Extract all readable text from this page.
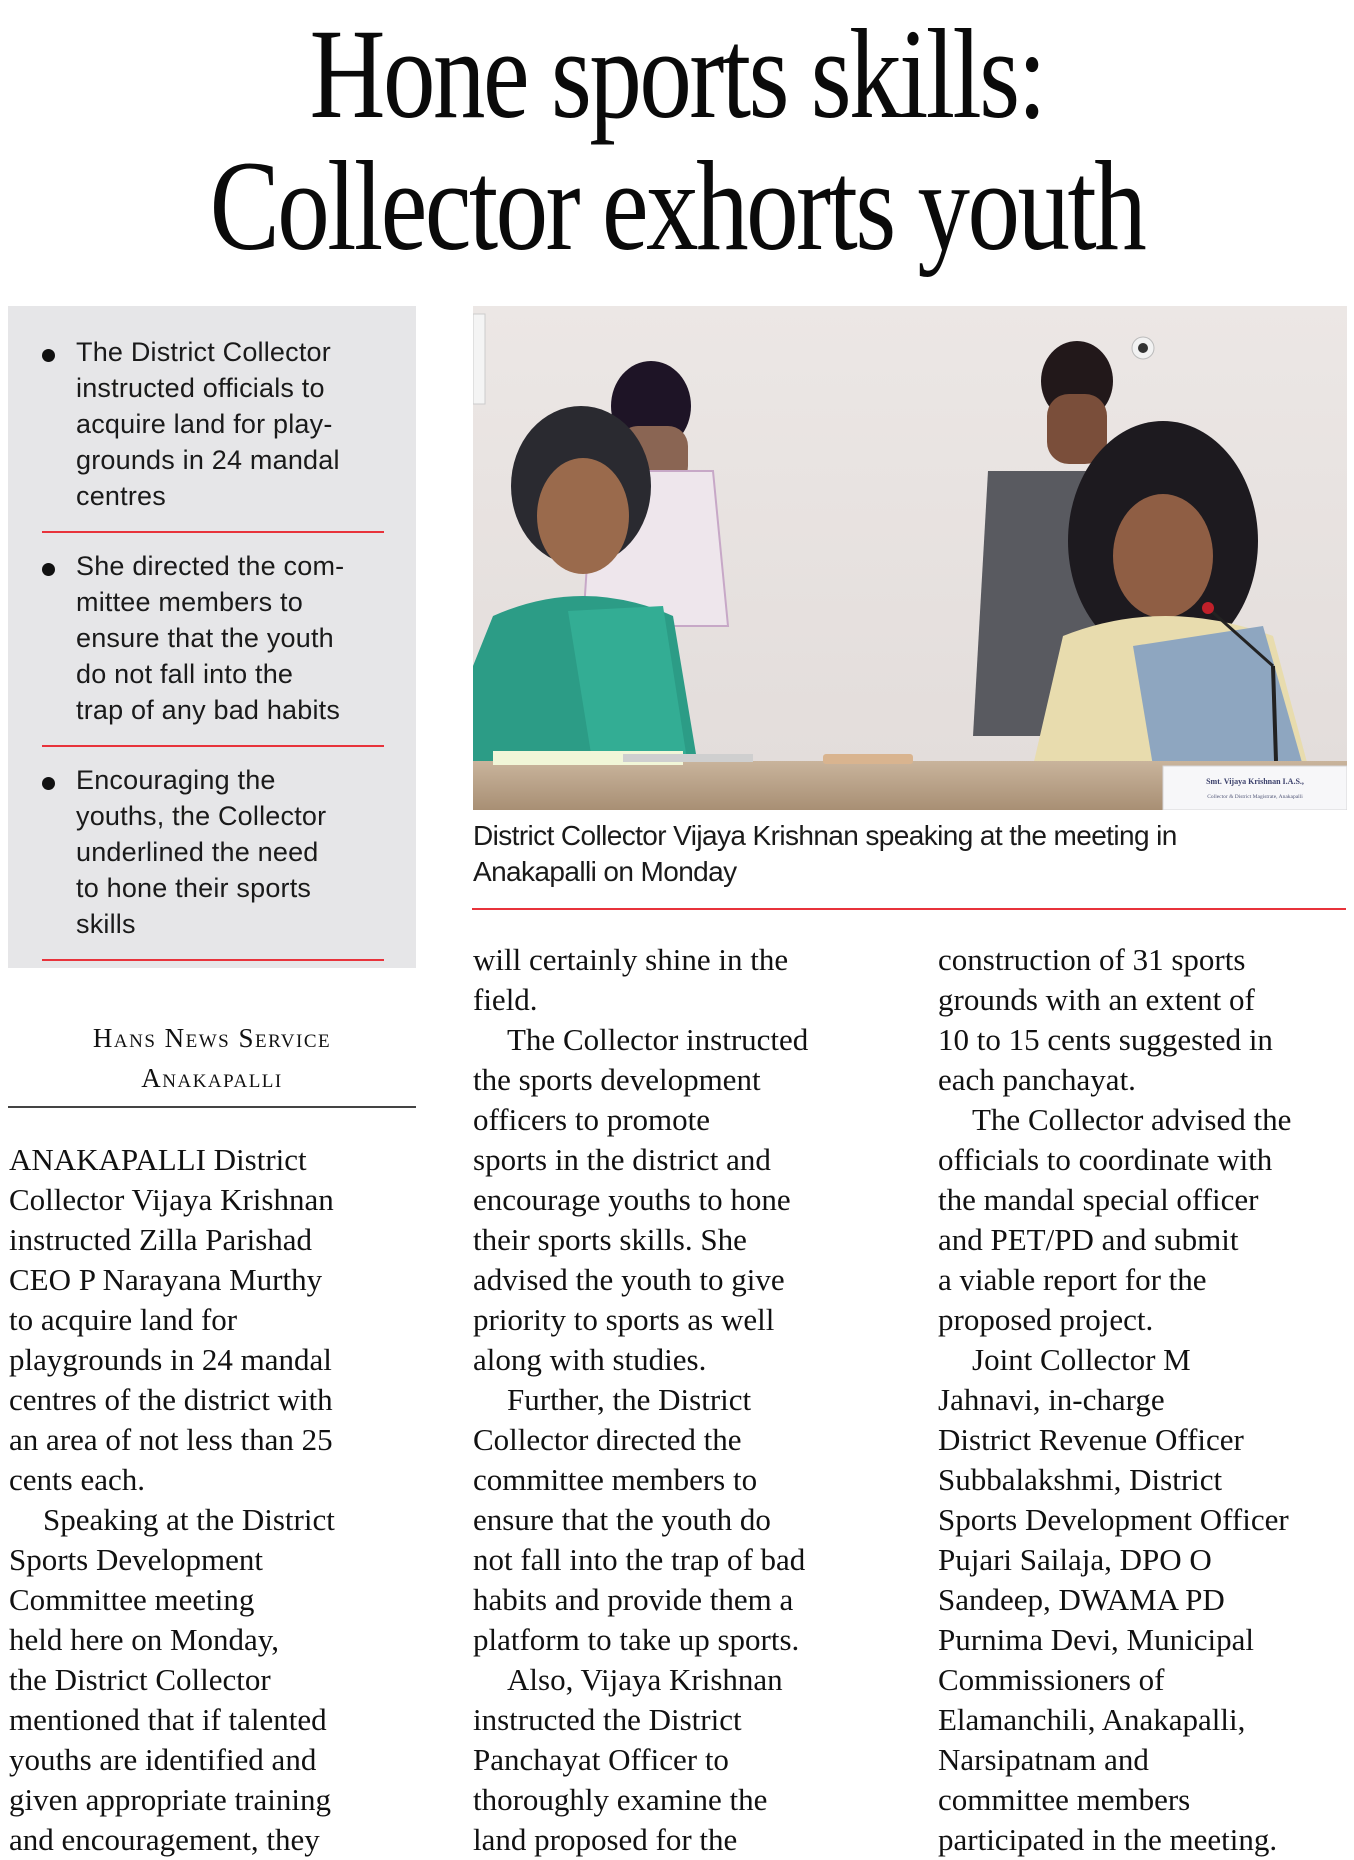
Hone sports skills:
Collector exhorts youth
The District Collector
instructed officials to
acquire land for play-
grounds in 24 mandal
centres
She directed the com-
mittee members to
ensure that the youth
do not fall into the
trap of any bad habits
Encouraging the
youths, the Collector
underlined the need
to hone their sports
skills
Hans News Service
Anakapalli
Smt. Vijaya Krishnan I.A.S.,
Collector & District Magistrate, Anakapalli
District Collector Vijaya Krishnan speaking at the meeting in
Anakapalli on Monday

ANAKAPALLI District
Collector Vijaya Krishnan
instructed Zilla Parishad
CEO P Narayana Murthy
to acquire land for
playgrounds in 24 mandal
centres of the district with
an area of not less than 25
cents each.

Speaking at the District
Sports Development
Committee meeting
held here on Monday,
the District Collector
mentioned that if talented
youths are identified and
given appropriate training
and encouragement, they

will certainly shine in the
field.

The Collector instructed
the sports development
officers to promote
sports in the district and
encourage youths to hone
their sports skills. She
advised the youth to give
priority to sports as well
along with studies.

Further, the District
Collector directed the
committee members to
ensure that the youth do
not fall into the trap of bad
habits and provide them a
platform to take up sports.

Also, Vijaya Krishnan
instructed the District
Panchayat Officer to
thoroughly examine the
land proposed for the

construction of 31 sports
grounds with an extent of
10 to 15 cents suggested in
each panchayat.

The Collector advised the
officials to coordinate with
the mandal special officer
and PET/PD and submit
a viable report for the
proposed project.

Joint Collector M
Jahnavi, in-charge
District Revenue Officer
Subbalakshmi, District
Sports Development Officer
Pujari Sailaja, DPO O
Sandeep, DWAMA PD
Purnima Devi, Municipal
Commissioners of
Elamanchili, Anakapalli,
Narsipatnam and
committee members
participated in the meeting.
